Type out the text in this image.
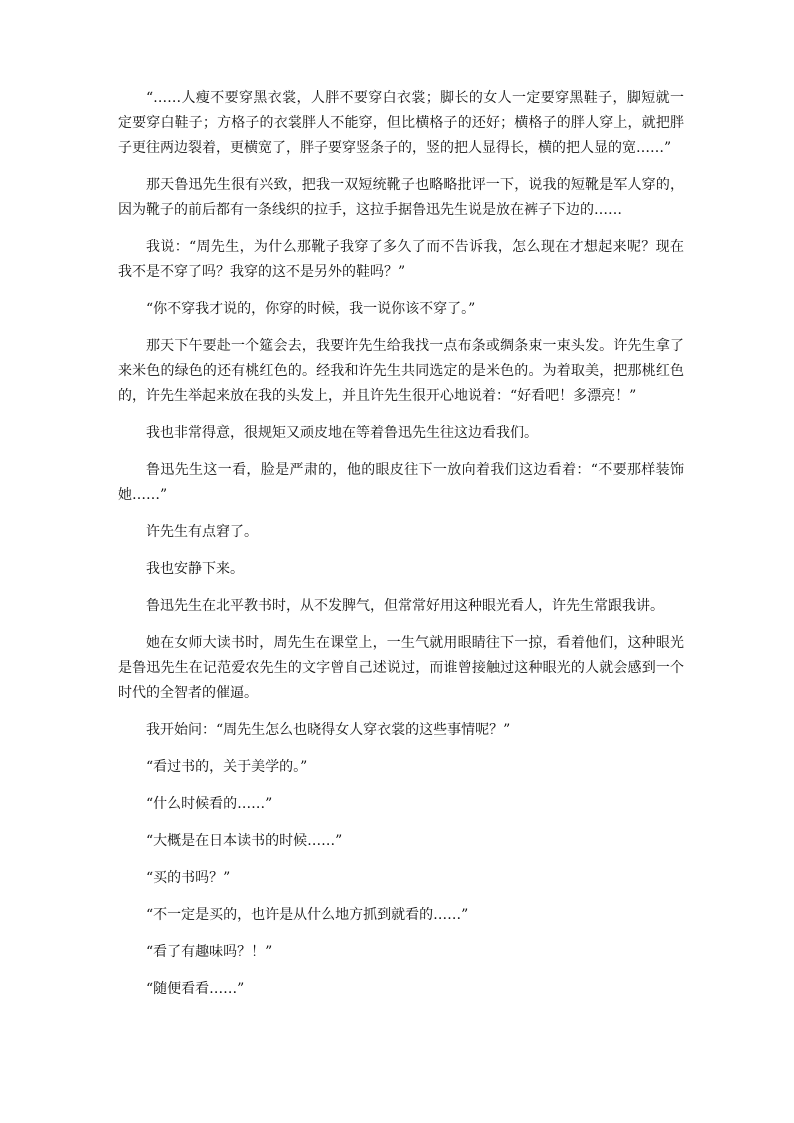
“……人瘦不要穿黑衣裳，人胖不要穿白衣裳；脚长的女人一定要穿黑鞋子，脚短就一定要穿白鞋子；方格子的衣裳胖人不能穿，但比横格子的还好；横格子的胖人穿上，就把胖子更往两边裂着，更横宽了，胖子要穿竖条子的，竖的把人显得长，横的把人显的宽……”

那天鲁迅先生很有兴致，把我一双短统靴子也略略批评一下，说我的短靴是军人穿的，因为靴子的前后都有一条线织的拉手，这拉手据鲁迅先生说是放在裤子下边的……

我说：“周先生，为什么那靴子我穿了多久了而不告诉我，怎么现在才想起来呢？现在我不是不穿了吗？我穿的这不是另外的鞋吗？”

“你不穿我才说的，你穿的时候，我一说你该不穿了。”

那天下午要赴一个筵会去，我要许先生给我找一点布条或绸条束一束头发。许先生拿了来米色的绿色的还有桃红色的。经我和许先生共同选定的是米色的。为着取美，把那桃红色的，许先生举起来放在我的头发上，并且许先生很开心地说着：“好看吧！多漂亮！”

我也非常得意，很规矩又顽皮地在等着鲁迅先生往这边看我们。

鲁迅先生这一看，脸是严肃的，他的眼皮往下一放向着我们这边看着：“不要那样装饰她……”

许先生有点窘了。

我也安静下来。

鲁迅先生在北平教书时，从不发脾气，但常常好用这种眼光看人，许先生常跟我讲。

她在女师大读书时，周先生在课堂上，一生气就用眼睛往下一掠，看着他们，这种眼光是鲁迅先生在记范爱农先生的文字曾自己述说过，而谁曾接触过这种眼光的人就会感到一个时代的全智者的催逼。

我开始问：“周先生怎么也晓得女人穿衣裳的这些事情呢？”

“看过书的，关于美学的。”

“什么时候看的……”

“大概是在日本读书的时候……”

“买的书吗？”

“不一定是买的，也许是从什么地方抓到就看的……”

“看了有趣味吗？！”

“随便看看……”
